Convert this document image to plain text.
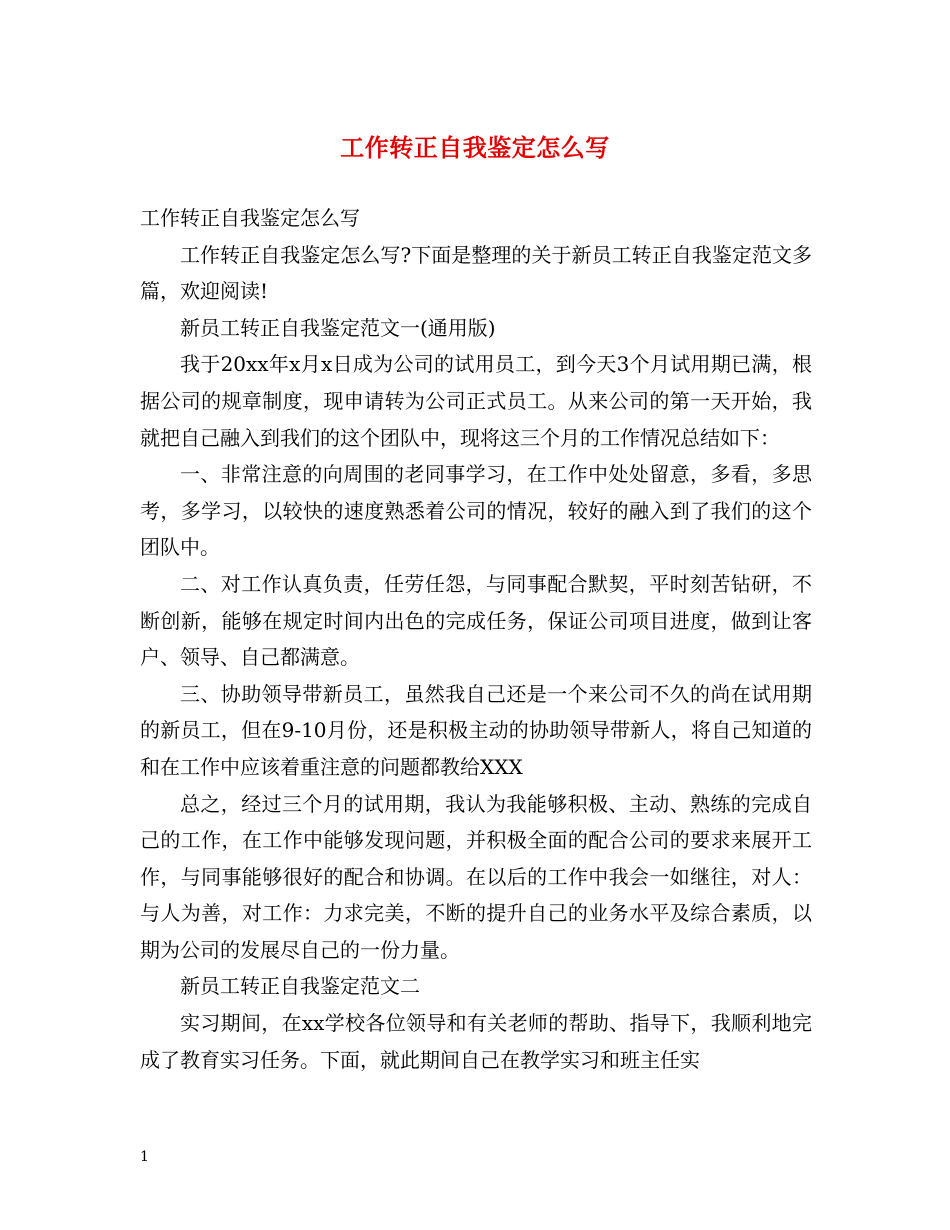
工作转正自我鉴定怎么写

工作转正自我鉴定怎么写

工作转正自我鉴定怎么写?下面是整理的关于新员工转正自我鉴定范文多篇，欢迎阅读!

新员工转正自我鉴定范文一(通用版)

我于20xx年x月x日成为公司的试用员工，到今天3个月试用期已满，根据公司的规章制度，现申请转为公司正式员工。从来公司的第一天开始，我就把自己融入到我们的这个团队中，现将这三个月的工作情况总结如下：

一、非常注意的向周围的老同事学习，在工作中处处留意，多看，多思考，多学习，以较快的速度熟悉着公司的情况，较好的融入到了我们的这个团队中。

二、对工作认真负责，任劳任怨，与同事配合默契，平时刻苦钻研，不断创新，能够在规定时间内出色的完成任务，保证公司项目进度，做到让客户、领导、自己都满意。

三、协助领导带新员工，虽然我自己还是一个来公司不久的尚在试用期的新员工，但在9-10月份，还是积极主动的协助领导带新人，将自己知道的和在工作中应该着重注意的问题都教给XXX

总之，经过三个月的试用期，我认为我能够积极、主动、熟练的完成自己的工作，在工作中能够发现问题，并积极全面的配合公司的要求来展开工作，与同事能够很好的配合和协调。在以后的工作中我会一如继往，对人：与人为善，对工作：力求完美，不断的提升自己的业务水平及综合素质，以期为公司的发展尽自己的一份力量。

新员工转正自我鉴定范文二

实习期间，在xx学校各位领导和有关老师的帮助、指导下，我顺利地完成了教育实习任务。下面，就此期间自己在教学实习和班主任实

1
